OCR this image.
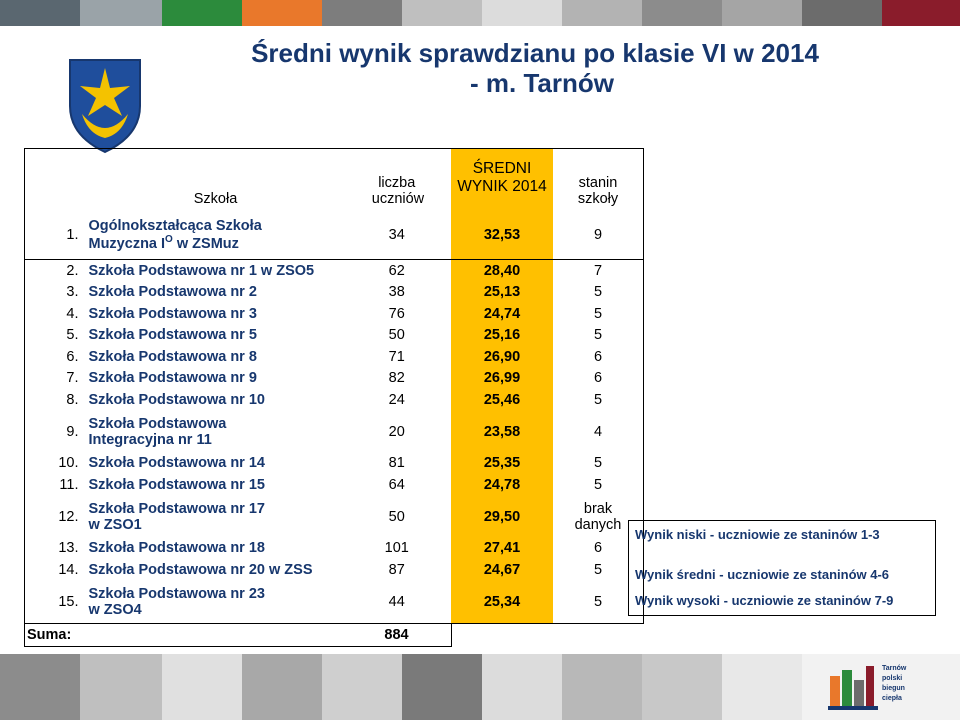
Średni wynik sprawdzianu po klasie VI w 2014
- m. Tarnów
	Szkoła	liczba uczniów	ŚREDNI WYNIK 2014	stanin szkoły
1.	Ogólnokształcąca Szkoła
Muzyczna $I^O$ w ZSMuz	34	32,53	9
2.	Szkoła Podstawowa nr 1 w ZSO5	62	28,40	7
3.	Szkoła Podstawowa nr 2	38	25,13	5
4.	Szkoła Podstawowa nr 3	76	24,74	5
5.	Szkoła Podstawowa nr 5	50	25,16	5
6.	Szkoła Podstawowa nr 8	71	26,90	6
7.	Szkoła Podstawowa nr 9	82	26,99	6
8.	Szkoła Podstawowa nr 10	24	25,46	5
9.	Szkoła Podstawowa
Integracyjna nr 11	20	23,58	4
10.	Szkoła Podstawowa nr 14	81	25,35	5
11.	Szkoła Podstawowa nr 15	64	24,78	5
12.	Szkoła Podstawowa nr 17
w ZSO1	50	29,50	brak
danych
13.	Szkoła Podstawowa nr 18	101	27,41	6
14.	Szkoła Podstawowa nr 20 w ZSS	87	24,67	5
15.	Szkoła Podstawowa nr 23
w ZSO4	44	25,34	5
Suma:		884		
Wynik niski - uczniowie ze staninów 1-3
Wynik średni - uczniowie ze staninów 4-6
Wynik wysoki - uczniowie ze staninów 7-9
Tarnów
polski
biegun
ciepła
